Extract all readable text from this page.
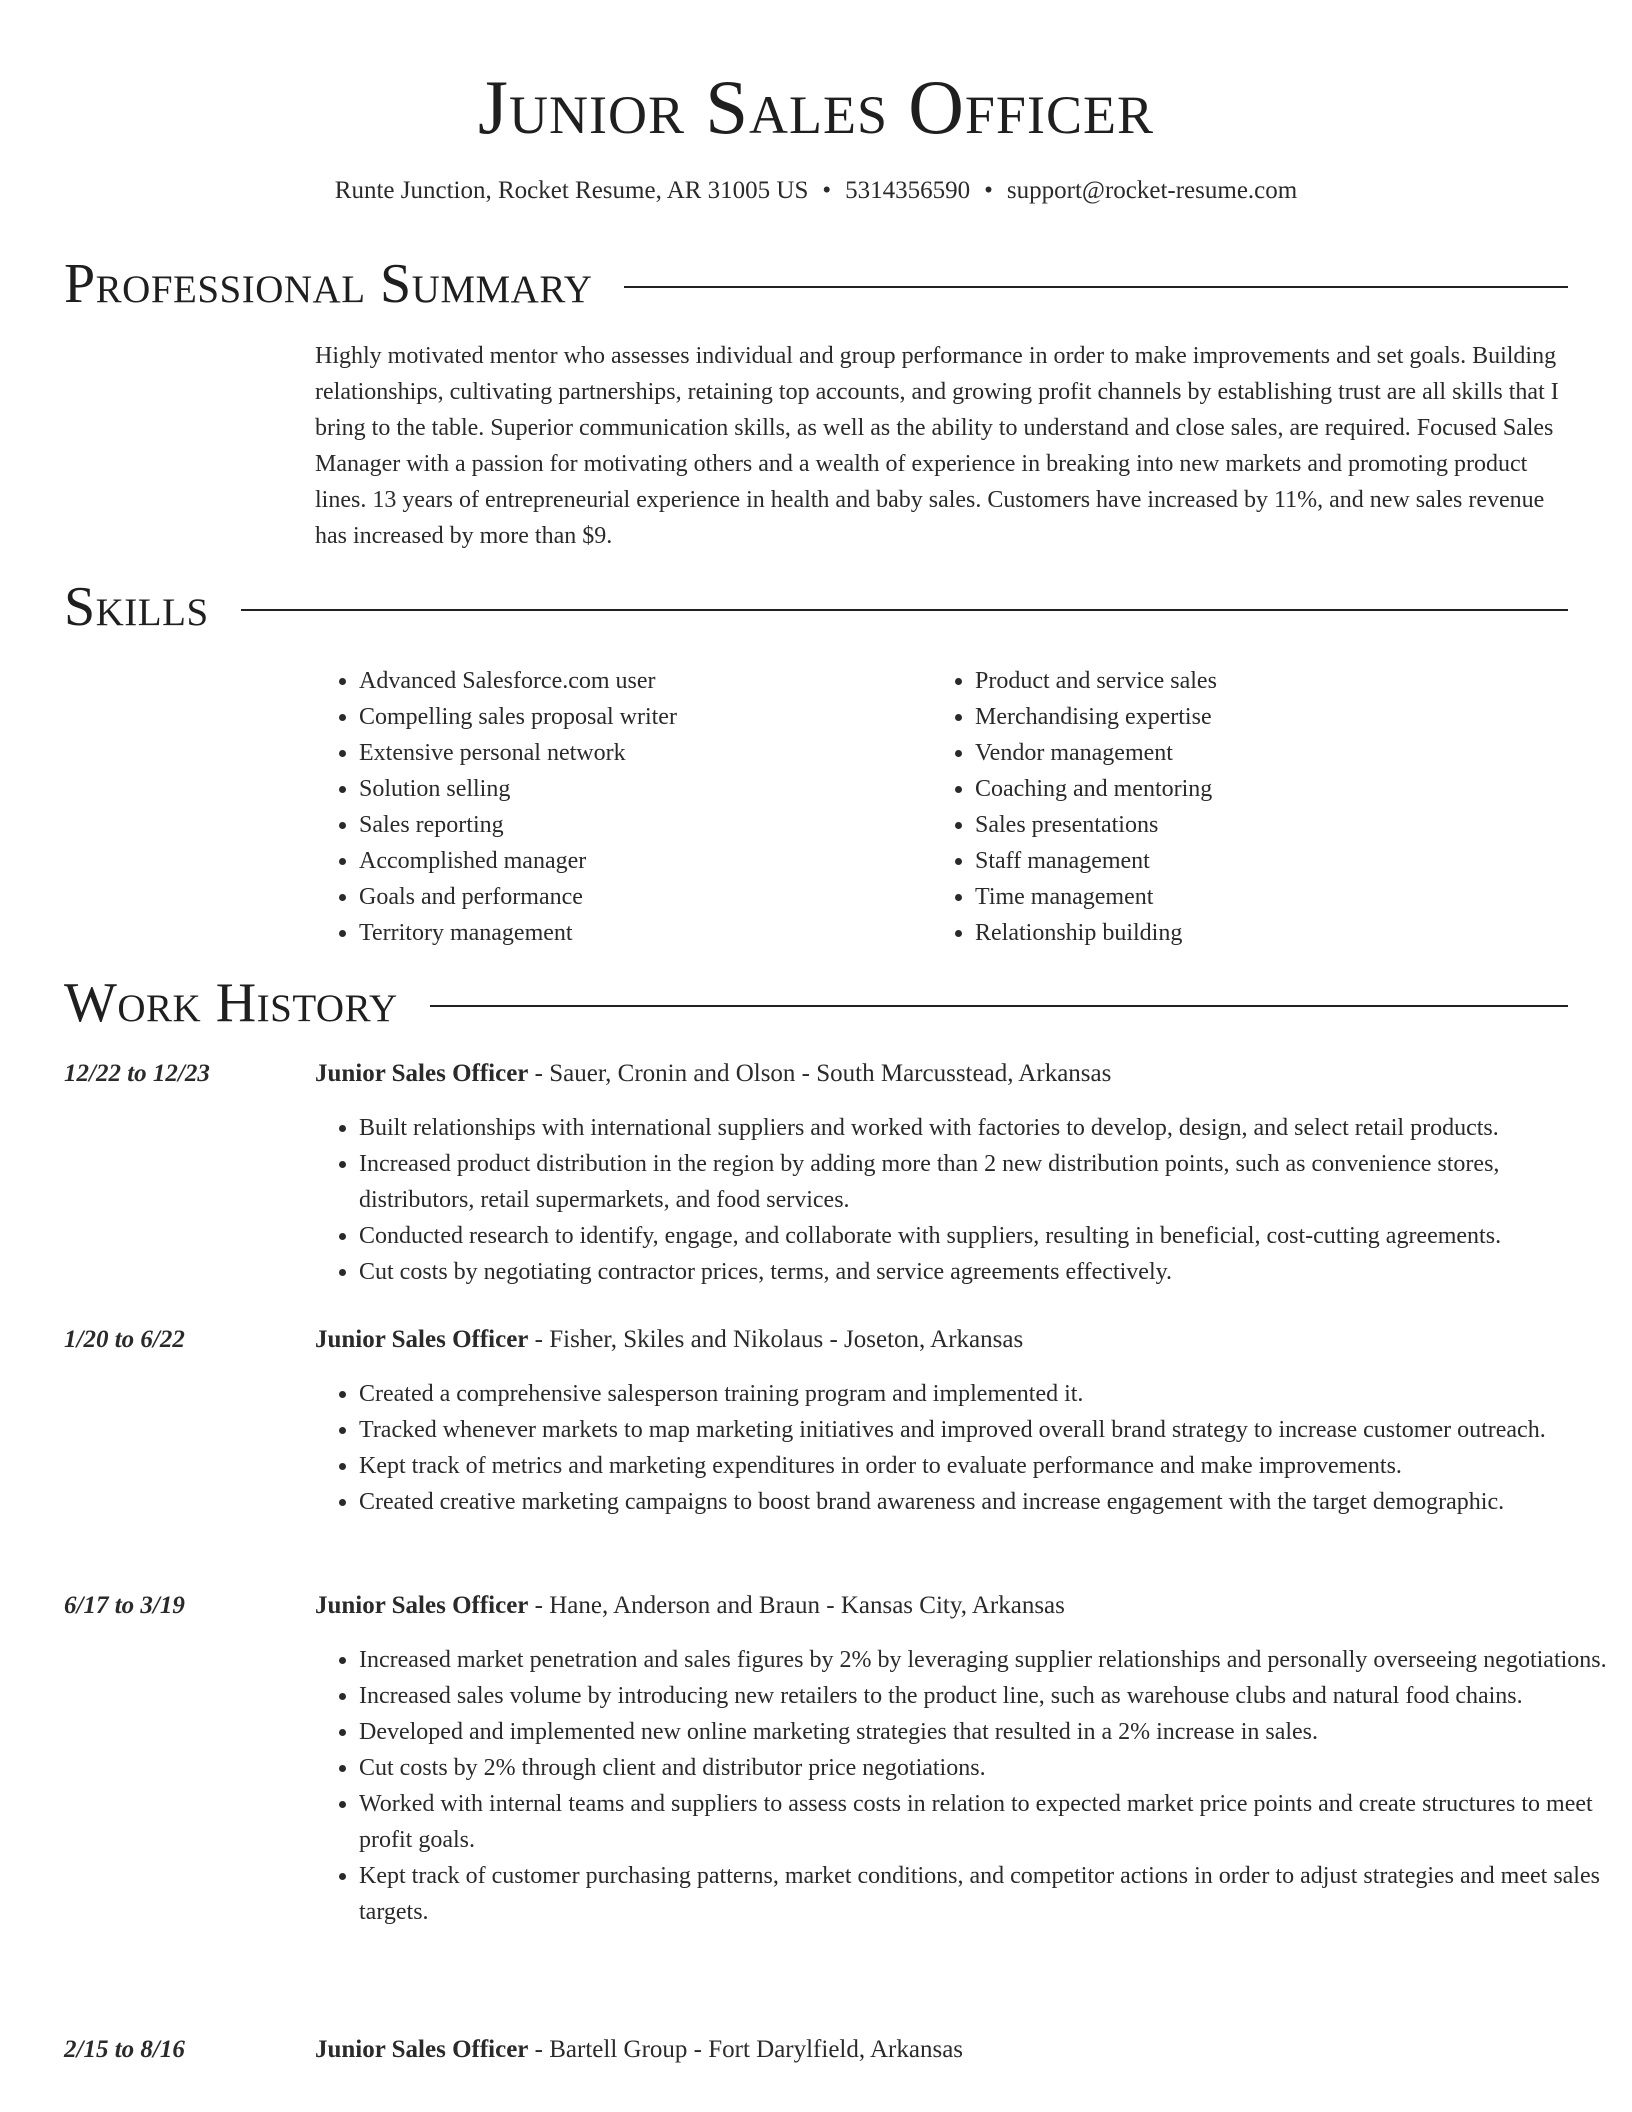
Junior Sales Officer
Runte Junction, Rocket Resume, AR 31005 US • 5314356590 • support@rocket-resume.com
Professional Summary
Highly motivated mentor who assesses individual and group performance in order to make improvements and set goals. Building relationships, cultivating partnerships, retaining top accounts, and growing profit channels by establishing trust are all skills that I bring to the table. Superior communication skills, as well as the ability to understand and close sales, are required. Focused Sales Manager with a passion for motivating others and a wealth of experience in breaking into new markets and promoting product lines. 13 years of entrepreneurial experience in health and baby sales. Customers have increased by 11%, and new sales revenue has increased by more than $9.
Skills
• Advanced Salesforce.com user
• Compelling sales proposal writer
• Extensive personal network
• Solution selling
• Sales reporting
• Accomplished manager
• Goals and performance
• Territory management
• Product and service sales
• Merchandising expertise
• Vendor management
• Coaching and mentoring
• Sales presentations
• Staff management
• Time management
• Relationship building
Work History
12/22 to 12/23	Junior Sales Officer - Sauer, Cronin and Olson - South Marcusstead, Arkansas
• Built relationships with international suppliers and worked with factories to develop, design, and select retail products.
• Increased product distribution in the region by adding more than 2 new distribution points, such as convenience stores, distributors, retail supermarkets, and food services.
• Conducted research to identify, engage, and collaborate with suppliers, resulting in beneficial, cost-cutting agreements.
• Cut costs by negotiating contractor prices, terms, and service agreements effectively.
1/20 to 6/22	Junior Sales Officer - Fisher, Skiles and Nikolaus - Joseton, Arkansas
• Created a comprehensive salesperson training program and implemented it.
• Tracked whenever markets to map marketing initiatives and improved overall brand strategy to increase customer outreach.
• Kept track of metrics and marketing expenditures in order to evaluate performance and make improvements.
• Created creative marketing campaigns to boost brand awareness and increase engagement with the target demographic.
6/17 to 3/19	Junior Sales Officer - Hane, Anderson and Braun - Kansas City, Arkansas
• Increased market penetration and sales figures by 2% by leveraging supplier relationships and personally overseeing negotiations.
• Increased sales volume by introducing new retailers to the product line, such as warehouse clubs and natural food chains.
• Developed and implemented new online marketing strategies that resulted in a 2% increase in sales.
• Cut costs by 2% through client and distributor price negotiations.
• Worked with internal teams and suppliers to assess costs in relation to expected market price points and create structures to meet profit goals.
• Kept track of customer purchasing patterns, market conditions, and competitor actions in order to adjust strategies and meet sales targets.
2/15 to 8/16	Junior Sales Officer - Bartell Group - Fort Darylfield, Arkansas
